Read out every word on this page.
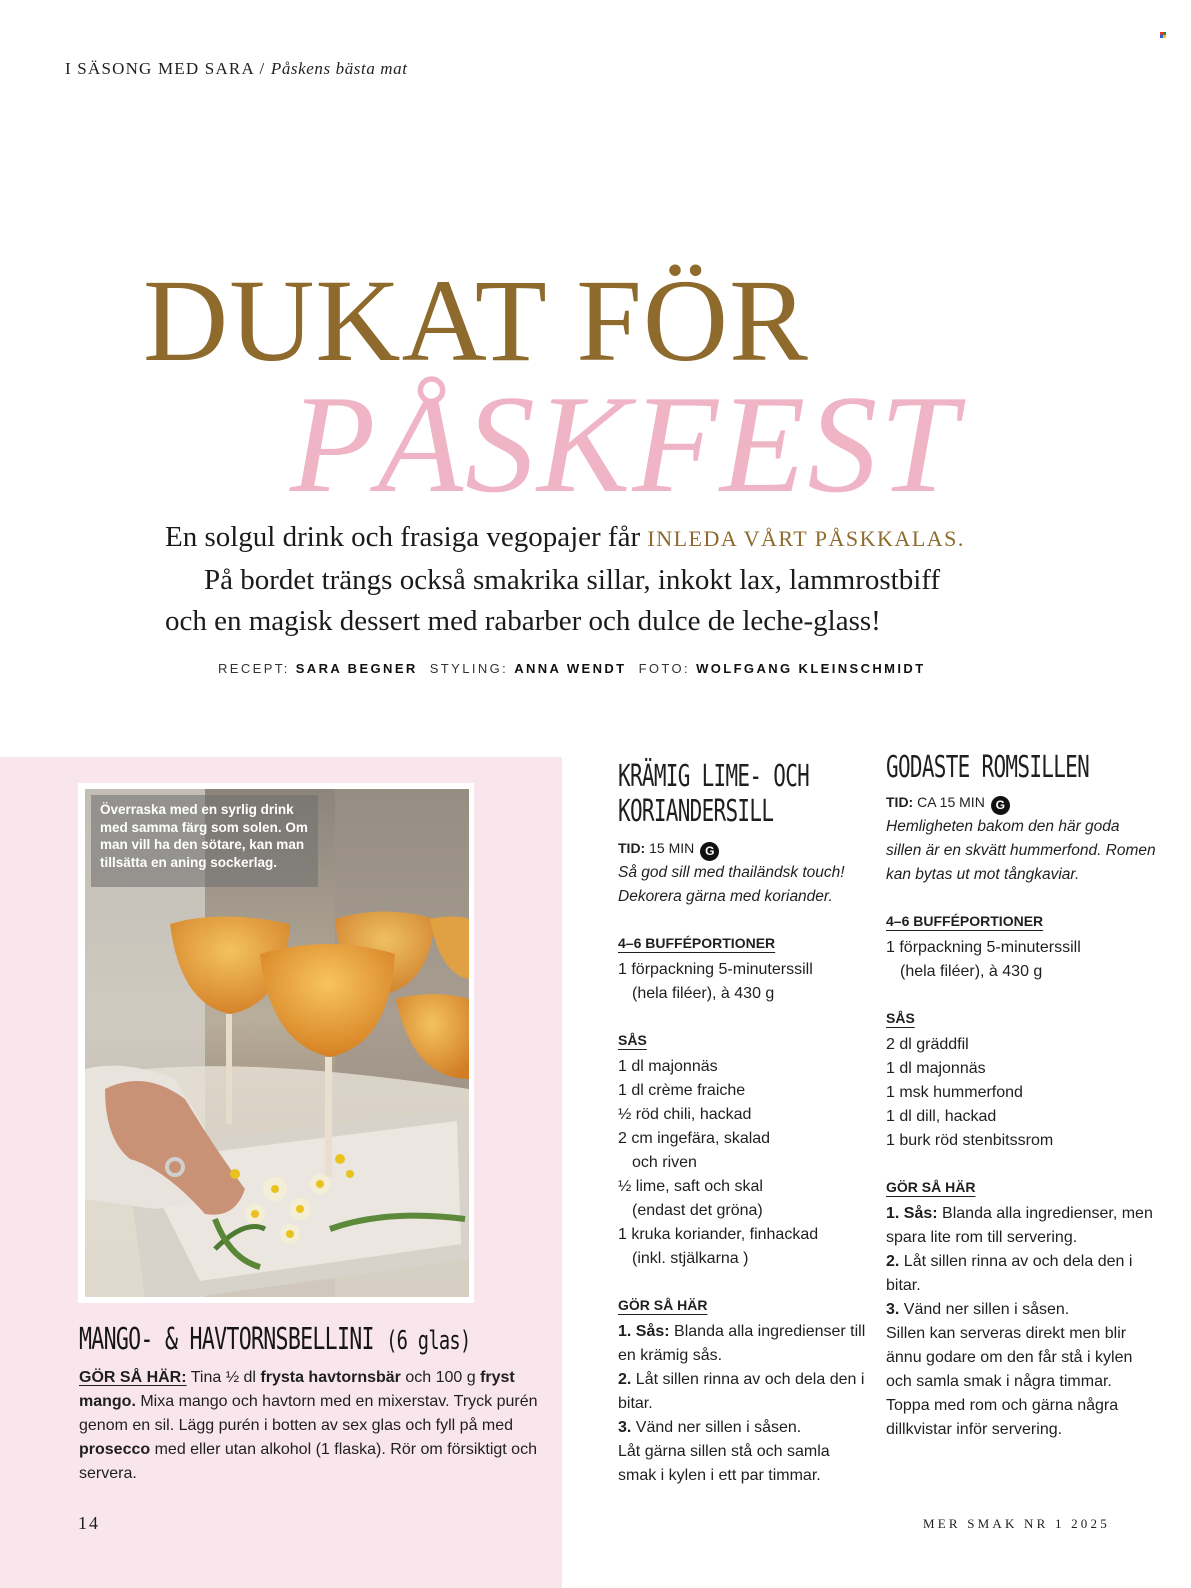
I SÄSONG MED SARA / Påskens bästa mat
DUKAT FÖR
PÅSKFEST
En solgul drink och frasiga vegopajer får INLEDA VÅRT PÅSKKALAS.
På bordet trängs också smakrika sillar, inkokt lax, lammrostbiff
och en magisk dessert med rabarber och dulce de leche-glass!
RECEPT: SARA BEGNER STYLING: ANNA WENDT FOTO: WOLFGANG KLEINSCHMIDT
Överraska med en syrlig drink med samma färg som solen. Om man vill ha den sötare, kan man tillsätta en aning sockerlag.
MANGO- & HAVTORNSBELLINI (6 glas)
GÖR SÅ HÄR: Tina ½ dl frysta havtornsbär och 100 g fryst mango. Mixa mango och havtorn med en mixerstav. Tryck purén genom en sil. Lägg purén i botten av sex glas och fyll på med prosecco med eller utan alkohol (1 flaska). Rör om försiktigt och servera.
KRÄMIG LIME- OCH
KORIANDERSILL
TID: 15 MIN G
Så god sill med thailändsk touch! Dekorera gärna med koriander.
4–6 BUFFÉPORTIONER
1 förpackning 5-minuterssill
(hela filéer), à 430 g
SÅS
1 dl majonnäs
1 dl crème fraiche
½ röd chili, hackad
2 cm ingefära, skalad
och riven
½ lime, saft och skal
(endast det gröna)
1 kruka koriander, finhackad
(inkl. stjälkarna )
GÖR SÅ HÄR

1. Sås: Blanda alla ingredienser till en krämig sås.

2. Låt sillen rinna av och dela den i bitar.

3. Vänd ner sillen i såsen.

Låt gärna sillen stå och samla smak i kylen i ett par timmar.

GODASTE ROMSILLEN
TID: CA 15 MIN G
Hemligheten bakom den här goda sillen är en skvätt hummerfond. Romen kan bytas ut mot tångkaviar.
4–6 BUFFÉPORTIONER
1 förpackning 5-minuterssill
(hela filéer), à 430 g
SÅS
2 dl gräddfil
1 dl majonnäs
1 msk hummerfond
1 dl dill, hackad
1 burk röd stenbitssrom
GÖR SÅ HÄR

1. Sås: Blanda alla ingredienser, men spara lite rom till servering.

2. Låt sillen rinna av och dela den i bitar.

3. Vänd ner sillen i såsen.

Sillen kan serveras direkt men blir ännu godare om den får stå i kylen och samla smak i några timmar. Toppa med rom och gärna några dillkvistar inför servering.

14	MER SMAK NR 1 2025
